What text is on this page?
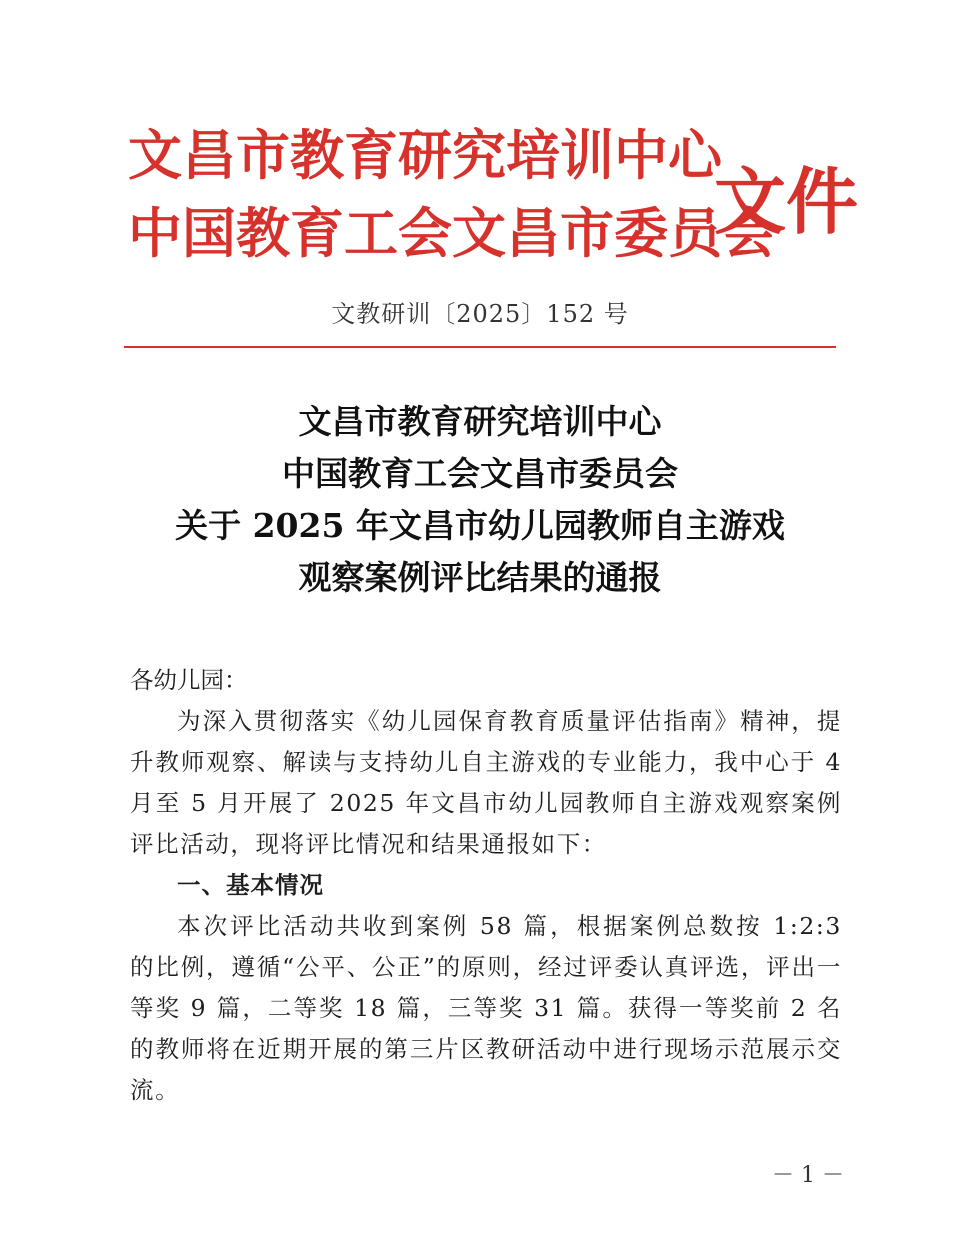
文昌市教育研究培训中心
中国教育工会文昌市委员会
文件
文教研训〔2025〕152 号
文昌市教育研究培训中心
中国教育工会文昌市委员会
关于 2025 年文昌市幼儿园教师自主游戏
观察案例评比结果的通报

各幼儿园：

为深入贯彻落实《幼儿园保育教育质量评估指南》精神，提升教师观察、解读与支持幼儿自主游戏的专业能力，我中心于 4 月至 5 月开展了 2025 年文昌市幼儿园教师自主游戏观察案例评比活动，现将评比情况和结果通报如下：

一、基本情况

本次评比活动共收到案例 58 篇，根据案例总数按 1:2:3 的比例，遵循“公平、公正”的原则，经过评委认真评选，评出一等奖 9 篇，二等奖 18 篇，三等奖 31 篇。获得一等奖前 2 名的教师将在近期开展的第三片区教研活动中进行现场示范展示交流。

－ 1 －
